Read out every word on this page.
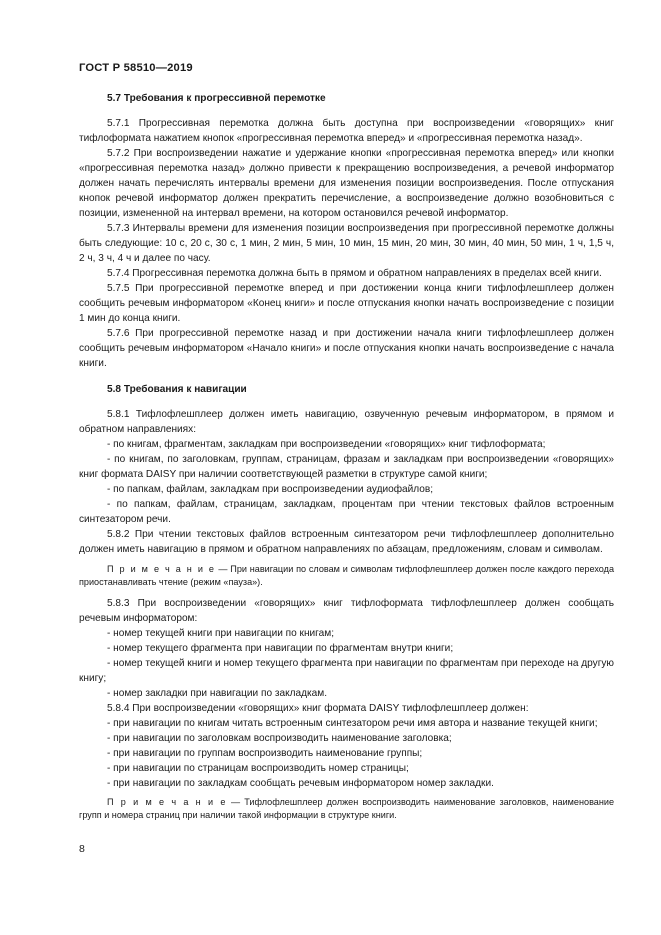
ГОСТ Р 58510—2019

5.7 Требования к прогрессивной перемотке

5.7.1 Прогрессивная перемотка должна быть доступна при воспроизведении «говорящих» книг тифлоформата нажатием кнопок «прогрессивная перемотка вперед» и «прогрессивная перемотка назад».

5.7.2 При воспроизведении нажатие и удержание кнопки «прогрессивная перемотка вперед» или кнопки «прогрессивная перемотка назад» должно привести к прекращению воспроизведения, а речевой информатор должен начать перечислять интервалы времени для изменения позиции воспроизведения. После отпускания кнопок речевой информатор должен прекратить перечисление, а воспроизведение должно возобновиться с позиции, измененной на интервал времени, на котором остановился речевой информатор.

5.7.3 Интервалы времени для изменения позиции воспроизведения при прогрессивной перемотке должны быть следующие: 10 с, 20 с, 30 с, 1 мин, 2 мин, 5 мин, 10 мин, 15 мин, 20 мин, 30 мин, 40 мин, 50 мин, 1 ч, 1,5 ч, 2 ч, 3 ч, 4 ч и далее по часу.

5.7.4 Прогрессивная перемотка должна быть в прямом и обратном направлениях в пределах всей книги.

5.7.5 При прогрессивной перемотке вперед и при достижении конца книги тифлофлешплеер должен сообщить речевым информатором «Конец книги» и после отпускания кнопки начать воспроизведение с позиции 1 мин до конца книги.

5.7.6 При прогрессивной перемотке назад и при достижении начала книги тифлофлешплеер должен сообщить речевым информатором «Начало книги» и после отпускания кнопки начать воспроизведение с начала книги.

5.8 Требования к навигации

5.8.1 Тифлофлешплеер должен иметь навигацию, озвученную речевым информатором, в прямом и обратном направлениях:

- по книгам, фрагментам, закладкам при воспроизведении «говорящих» книг тифлоформата;

- по книгам, по заголовкам, группам, страницам, фразам и закладкам при воспроизведении «говорящих» книг формата DAISY при наличии соответствующей разметки в структуре самой книги;

- по папкам, файлам, закладкам при воспроизведении аудиофайлов;

- по папкам, файлам, страницам, закладкам, процентам при чтении текстовых файлов встроенным синтезатором речи.

5.8.2 При чтении текстовых файлов встроенным синтезатором речи тифлофлешплеер дополнительно должен иметь навигацию в прямом и обратном направлениях по абзацам, предложениям, словам и символам.

П р и м е ч а н и е — При навигации по словам и символам тифлофлешплеер должен после каждого перехода приостанавливать чтение (режим «пауза»).

5.8.3 При воспроизведении «говорящих» книг тифлоформата тифлофлешплеер должен сообщать речевым информатором:

- номер текущей книги при навигации по книгам;

- номер текущего фрагмента при навигации по фрагментам внутри книги;

- номер текущей книги и номер текущего фрагмента при навигации по фрагментам при переходе на другую книгу;

- номер закладки при навигации по закладкам.

5.8.4 При воспроизведении «говорящих» книг формата DAISY тифлофлешплеер должен:

- при навигации по книгам читать встроенным синтезатором речи имя автора и название текущей книги;

- при навигации по заголовкам воспроизводить наименование заголовка;

- при навигации по группам воспроизводить наименование группы;

- при навигации по страницам воспроизводить номер страницы;

- при навигации по закладкам сообщать речевым информатором номер закладки.

П р и м е ч а н и е — Тифлофлешплеер должен воспроизводить наименование заголовков, наименование групп и номера страниц при наличии такой информации в структуре книги.

8
